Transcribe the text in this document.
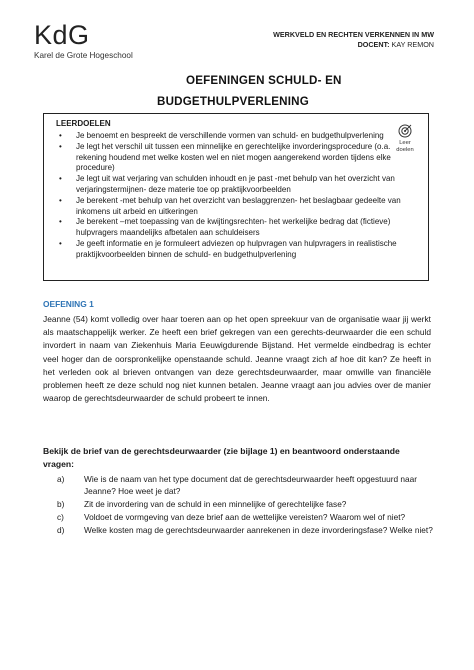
KdG
Karel de Grote Hogeschool
WERKVELD EN RECHTEN VERKENNEN IN MW
DOCENT: KAY REMON
OEFENINGEN SCHULD- EN
BUDGETHULPVERLENING
LEERDOELEN
Leer doelen
• Je benoemt en bespreekt de verschillende vormen van schuld- en budgethulpverlening
• Je legt het verschil uit tussen een minnelijke en gerechtelijke invorderingsprocedure (o.a. rekening houdend met welke kosten wel en niet mogen aangerekend worden tijdens elke procedure)
• Je legt uit wat verjaring van schulden inhoudt en je past -met behulp van het overzicht van verjaringstermijnen- deze materie toe op praktijkvoorbeelden
• Je berekent -met behulp van het overzicht van beslaggrenzen- het beslagbaar gedeelte van inkomens uit arbeid en uitkeringen
• Je berekent –met toepassing van de kwijtingsrechten- het werkelijke bedrag dat (fictieve) hulpvragers maandelijks afbetalen aan schuldeisers
• Je geeft informatie en je formuleert adviezen op hulpvragen van hulpvragers in realistische praktijkvoorbeelden binnen de schuld- en budgethulpverlening
OEFENING 1
Jeanne (54) komt volledig over haar toeren aan op het open spreekuur van de organisatie waar jij werkt als maatschappelijk werker. Ze heeft een brief gekregen van een gerechts-deurwaarder die een schuld invordert in naam van Ziekenhuis Maria Eeuwigdurende Bijstand. Het vermelde eindbedrag is echter veel hoger dan de oorspronkelijke openstaande schuld. Jeanne vraagt zich af hoe dit kan? Ze heeft in het verleden ook al brieven ontvangen van deze gerechtsdeurwaarder, maar omwille van financiële problemen heeft ze deze schuld nog niet kunnen betalen. Jeanne vraagt aan jou advies over de manier waarop de gerechtsdeurwaarder de schuld probeert te innen.
Bekijk de brief van de gerechtsdeurwaarder (zie bijlage 1) en beantwoord onderstaande vragen:
a) Wie is de naam van het type document dat de gerechtsdeurwaarder heeft opgestuurd naar Jeanne? Hoe weet je dat?
b) Zit de invordering van de schuld in een minnelijke of gerechtelijke fase?
c) Voldoet de vormgeving van deze brief aan de wettelijke vereisten? Waarom wel of niet?
d) Welke kosten mag de gerechtsdeurwaarder aanrekenen in deze invorderingsfase? Welke niet?
